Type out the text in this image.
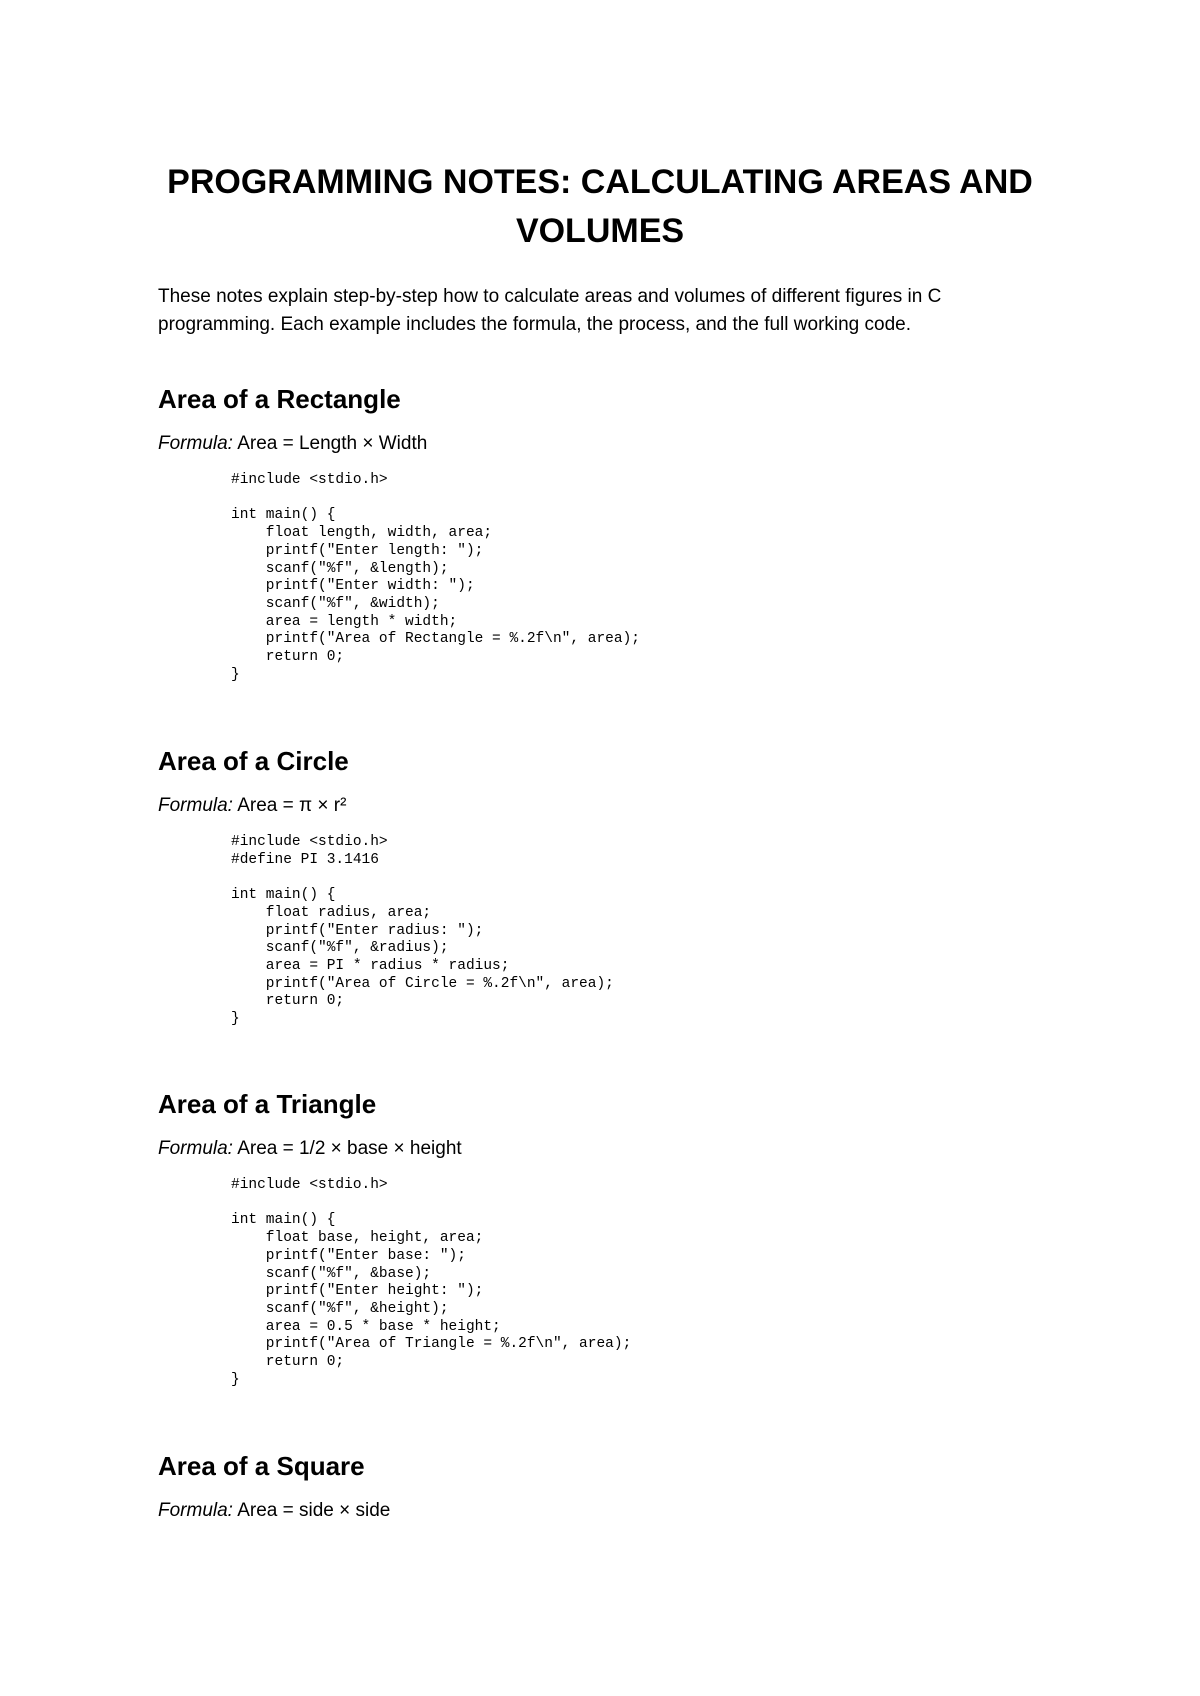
PROGRAMMING NOTES: CALCULATING AREAS AND VOLUMES

These notes explain step-by-step how to calculate areas and volumes of different figures in C programming. Each example includes the formula, the process, and the full working code.

Area of a Rectangle

Formula: Area = Length × Width

#include <stdio.h>

int main() {
float length, width, area;
printf("Enter length: ");
scanf("%f", &length);
printf("Enter width: ");
scanf("%f", &width);
area = length * width;
printf("Area of Rectangle = %.2f\n", area);
return 0;
}
Area of a Circle

Formula: Area = π × r²

#include <stdio.h>
#define PI 3.1416

int main() {
float radius, area;
printf("Enter radius: ");
scanf("%f", &radius);
area = PI * radius * radius;
printf("Area of Circle = %.2f\n", area);
return 0;
}
Area of a Triangle

Formula: Area = 1/2 × base × height

#include <stdio.h>

int main() {
float base, height, area;
printf("Enter base: ");
scanf("%f", &base);
printf("Enter height: ");
scanf("%f", &height);
area = 0.5 * base * height;
printf("Area of Triangle = %.2f\n", area);
return 0;
}
Area of a Square

Formula: Area = side × side
